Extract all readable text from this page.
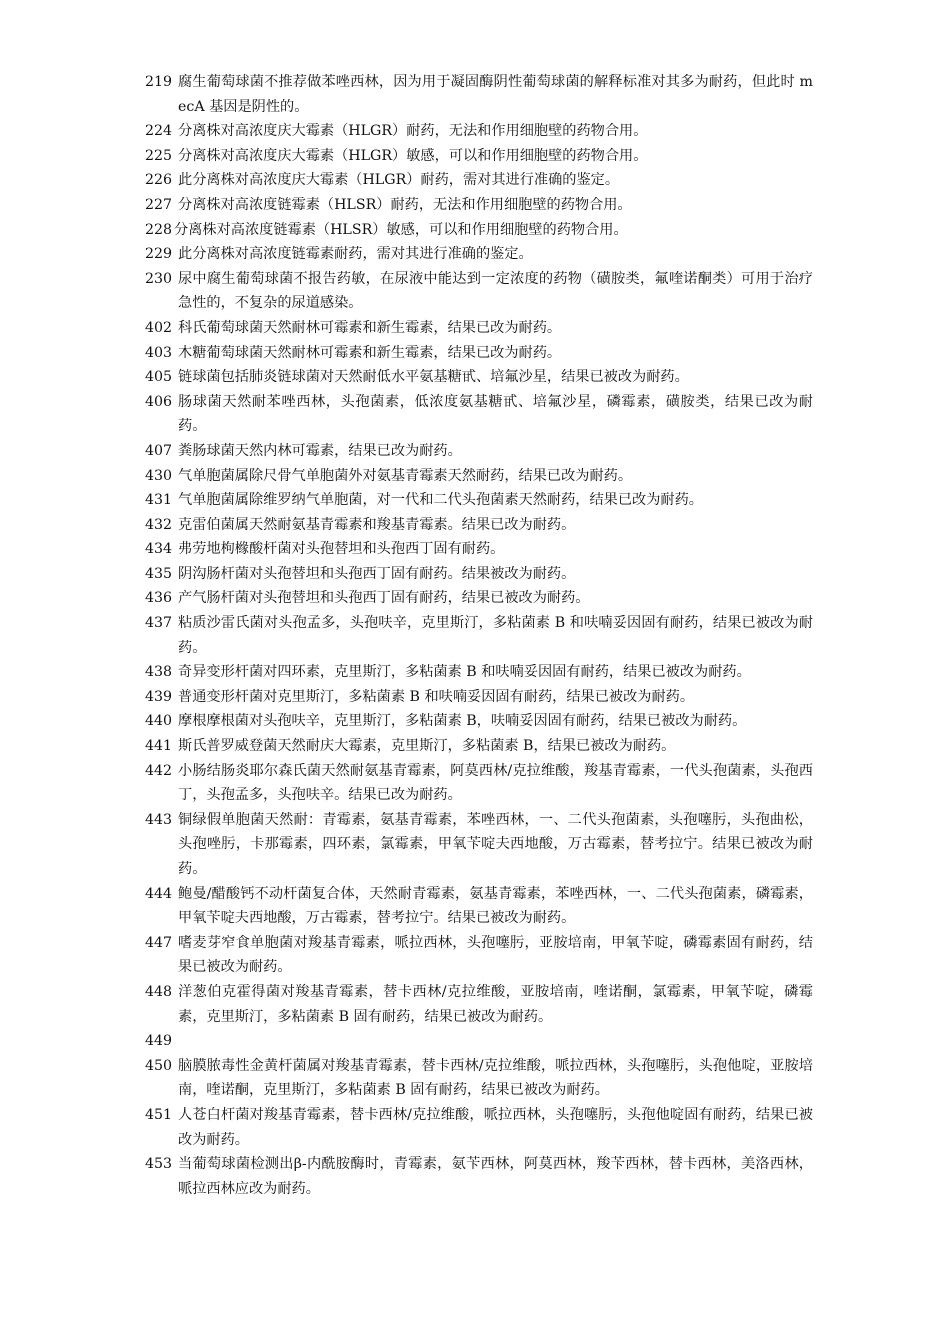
219 腐生葡萄球菌不推荐做苯唑西林，因为用于凝固酶阴性葡萄球菌的解释标准对其多为耐药，但此时 mecA 基因是阴性的。
224 分离株对高浓度庆大霉素（HLGR）耐药，无法和作用细胞壁的药物合用。
225 分离株对高浓度庆大霉素（HLGR）敏感，可以和作用细胞壁的药物合用。
226 此分离株对高浓度庆大霉素（HLGR）耐药，需对其进行准确的鉴定。
227 分离株对高浓度链霉素（HLSR）耐药，无法和作用细胞壁的药物合用。
228 分离株对高浓度链霉素（HLSR）敏感，可以和作用细胞壁的药物合用。
229 此分离株对高浓度链霉素耐药，需对其进行准确的鉴定。
230 尿中腐生葡萄球菌不报告药敏，在尿液中能达到一定浓度的药物（磺胺类，氟喹诺酮类）可用于治疗急性的，不复杂的尿道感染。
402 科氏葡萄球菌天然耐林可霉素和新生霉素，结果已改为耐药。
403 木糖葡萄球菌天然耐林可霉素和新生霉素，结果已改为耐药。
405 链球菌包括肺炎链球菌对天然耐低水平氨基糖甙、培氟沙星，结果已被改为耐药。
406 肠球菌天然耐苯唑西林，头孢菌素，低浓度氨基糖甙、培氟沙星，磷霉素，磺胺类，结果已改为耐药。
407 粪肠球菌天然内林可霉素，结果已改为耐药。
430 气单胞菌属除尺骨气单胞菌外对氨基青霉素天然耐药，结果已改为耐药。
431 气单胞菌属除维罗纳气单胞菌，对一代和二代头孢菌素天然耐药，结果已改为耐药。
432 克雷伯菌属天然耐氨基青霉素和羧基青霉素。结果已改为耐药。
434 弗劳地枸橼酸杆菌对头孢替坦和头孢西丁固有耐药。
435 阴沟肠杆菌对头孢替坦和头孢西丁固有耐药。结果被改为耐药。
436 产气肠杆菌对头孢替坦和头孢西丁固有耐药，结果已被改为耐药。
437 粘质沙雷氏菌对头孢孟多，头孢呋辛，克里斯汀，多粘菌素 B 和呋喃妥因固有耐药，结果已被改为耐药。
438 奇异变形杆菌对四环素，克里斯汀，多粘菌素 B 和呋喃妥因固有耐药，结果已被改为耐药。
439 普通变形杆菌对克里斯汀，多粘菌素 B 和呋喃妥因固有耐药，结果已被改为耐药。
440 摩根摩根菌对头孢呋辛，克里斯汀，多粘菌素 B，呋喃妥因固有耐药，结果已被改为耐药。
441 斯氏普罗威登菌天然耐庆大霉素，克里斯汀，多粘菌素 B，结果已被改为耐药。
442 小肠结肠炎耶尔森氏菌天然耐氨基青霉素，阿莫西林/克拉维酸，羧基青霉素，一代头孢菌素，头孢西丁，头孢孟多，头孢呋辛。结果已改为耐药。
443 铜绿假单胞菌天然耐：青霉素，氨基青霉素，苯唑西林，一、二代头孢菌素，头孢噻肟，头孢曲松，头孢唑肟，卡那霉素，四环素，氯霉素，甲氧苄啶夫西地酸，万古霉素，替考拉宁。结果已被改为耐药。
444 鲍曼/醋酸钙不动杆菌复合体，天然耐青霉素，氨基青霉素，苯唑西林，一、二代头孢菌素，磷霉素，甲氧苄啶夫西地酸，万古霉素，替考拉宁。结果已被改为耐药。
447 嗜麦芽窄食单胞菌对羧基青霉素，哌拉西林，头孢噻肟，亚胺培南，甲氧苄啶，磷霉素固有耐药，结果已被改为耐药。
448 洋葱伯克霍得菌对羧基青霉素，替卡西林/克拉维酸，亚胺培南，喹诺酮，氯霉素，甲氧苄啶，磷霉素，克里斯汀，多粘菌素 B 固有耐药，结果已被改为耐药。
449

450 脑膜脓毒性金黄杆菌属对羧基青霉素，替卡西林/克拉维酸，哌拉西林，头孢噻肟，头孢他啶，亚胺培南，喹诺酮，克里斯汀，多粘菌素 B 固有耐药，结果已被改为耐药。
451 人苍白杆菌对羧基青霉素，替卡西林/克拉维酸，哌拉西林，头孢噻肟，头孢他啶固有耐药，结果已被改为耐药。
453 当葡萄球菌检测出β-内酰胺酶时，青霉素，氨苄西林，阿莫西林，羧苄西林，替卡西林，美洛西林，哌拉西林应改为耐药。
